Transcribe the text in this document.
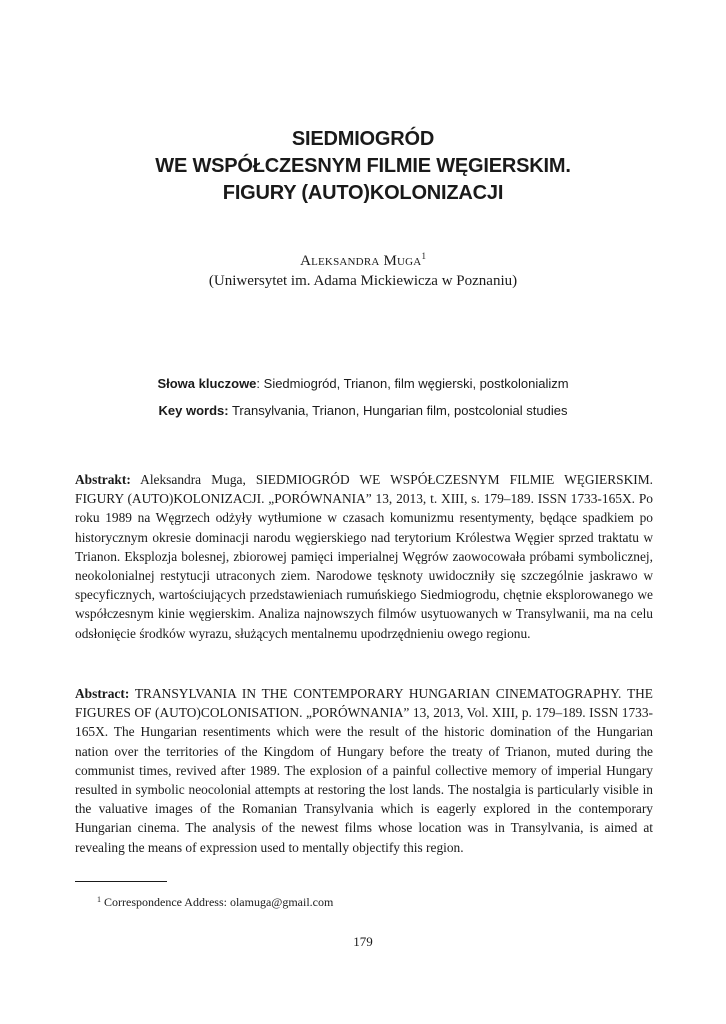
SIEDMIOGRÓD
WE WSPÓŁCZESNYM FILMIE WĘGIERSKIM.
FIGURY (AUTO)KOLONIZACJI
Aleksandra Muga$^1$
(Uniwersytet im. Adama Mickiewicza w Poznaniu)
Słowa kluczowe: Siedmiogród, Trianon, film węgierski, postkolonializm
Key words: Transylvania, Trianon, Hungarian film, postcolonial studies
Abstrakt: Aleksandra Muga, SIEDMIOGRÓD WE WSPÓŁCZESNYM FILMIE WĘGIERSKIM. FIGURY (AUTO)KOLONIZACJI. „PORÓWNANIA” 13, 2013, t. XIII, s. 179–189. ISSN 1733-165X. Po roku 1989 na Węgrzech odżyły wytłumione w czasach komunizmu resentymenty, będące spadkiem po historycznym okresie dominacji narodu węgierskiego nad terytorium Królestwa Węgier sprzed traktatu w Trianon. Eksplozja bolesnej, zbiorowej pamięci imperialnej Węgrów zaowocowała próbami symbolicznej, neokolonialnej restytucji utraconych ziem. Narodowe tęsknoty uwidoczniły się szczególnie jaskrawo w specyficznych, wartościujących przedstawieniach rumuńskiego Siedmiogrodu, chętnie eksplorowanego we współczesnym kinie węgierskim. Analiza najnowszych filmów usytuowanych w Transylwanii, ma na celu odsłonięcie środków wyrazu, służących mentalnemu upodrzędnieniu owego regionu.
Abstract: TRANSYLVANIA IN THE CONTEMPORARY HUNGARIAN CINEMATOGRAPHY. THE FIGURES OF (AUTO)COLONISATION. „PORÓWNANIA” 13, 2013, Vol. XIII, p. 179–189. ISSN 1733-165X. The Hungarian resentiments which were the result of the historic domination of the Hungarian nation over the territories of the Kingdom of Hungary before the treaty of Trianon, muted during the communist times, revived after 1989. The explosion of a painful collective memory of imperial Hungary resulted in symbolic neocolonial attempts at restoring the lost lands. The nostalgia is particularly visible in the valuative images of the Romanian Transylvania which is eagerly explored in the contemporary Hungarian cinema. The analysis of the newest films whose location was in Transylvania, is aimed at revealing the means of expression used to mentally objectify this region.
$^1$ Correspondence Address: olamuga@gmail.com
179
